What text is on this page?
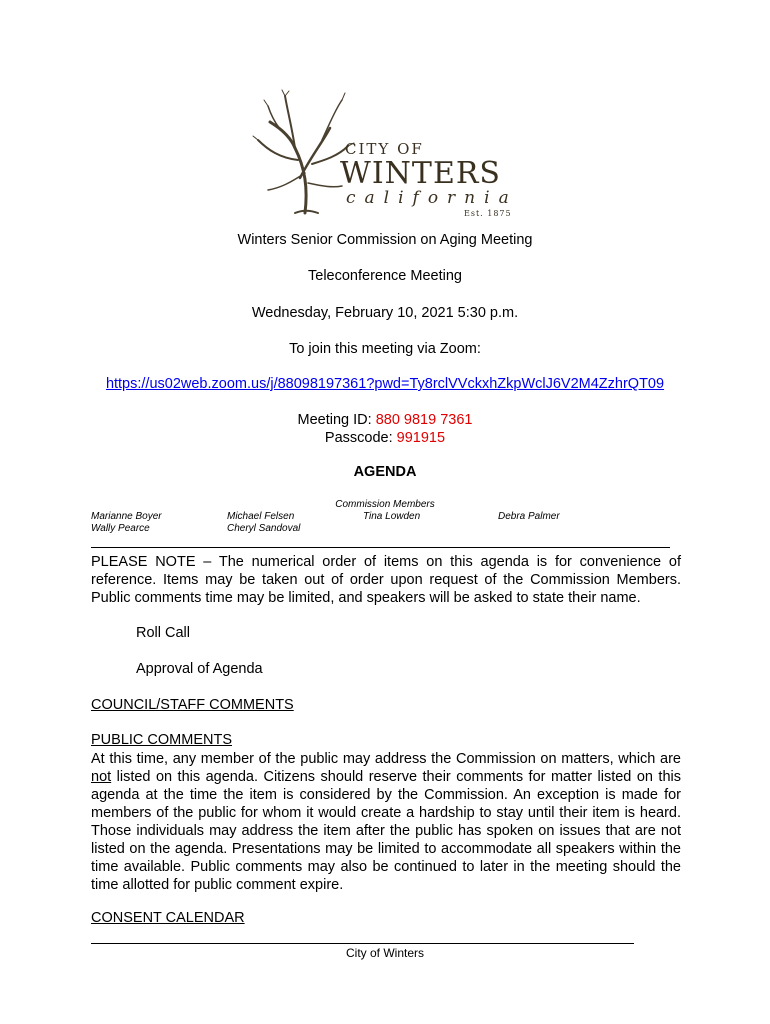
CITY OF
WINTERS
california
Est. 1875
Winters Senior Commission on Aging Meeting
Teleconference Meeting
Wednesday, February 10, 2021 5:30 p.m.
To join this meeting via Zoom:
https://us02web.zoom.us/j/88098197361?pwd=Ty8rclVVckxhZkpWclJ6V2M4ZzhrQT09
Meeting ID: 880 9819 7361
Passcode: 991915
AGENDA
Commission Members
Marianne Boyer
Wally Pearce
Michael Felsen
Cheryl Sandoval
Tina Lowden	Debra Palmer
PLEASE NOTE – The numerical order of items on this agenda is for convenience of reference. Items may be taken out of order upon request of the Commission Members. Public comments time may be limited, and speakers will be asked to state their name.
Roll Call
Approval of Agenda
COUNCIL/STAFF COMMENTS
PUBLIC COMMENTS
At this time, any member of the public may address the Commission on matters, which are not listed on this agenda. Citizens should reserve their comments for matter listed on this agenda at the time the item is considered by the Commission. An exception is made for members of the public for whom it would create a hardship to stay until their item is heard. Those individuals may address the item after the public has spoken on issues that are not listed on the agenda. Presentations may be limited to accommodate all speakers within the time available. Public comments may also be continued to later in the meeting should the time allotted for public comment expire.
CONSENT CALENDAR
City of Winters
